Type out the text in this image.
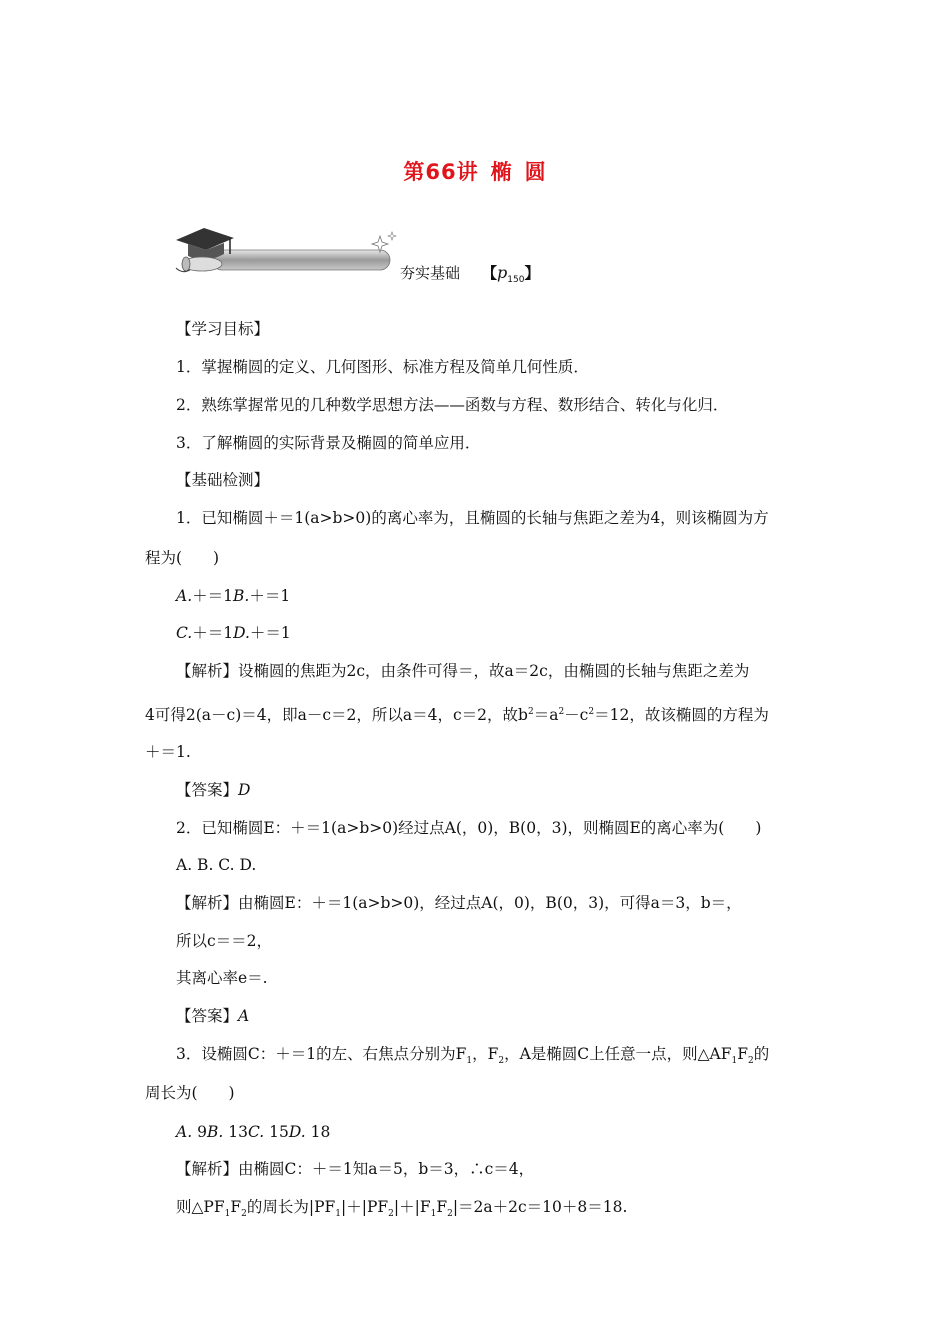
第66讲 椭 圆
夯实基础 【$p_{150}$】
【学习目标】
1．掌握椭圆的定义、几何图形、标准方程及简单几何性质．
2．熟练掌握常见的几种数学思想方法——函数与方程、数形结合、转化与化归．
3．了解椭圆的实际背景及椭圆的简单应用．
【基础检测】
1．已知椭圆＋＝1(a>b>0)的离心率为，且椭圆的长轴与焦距之差为4，则该椭圆为方
程为(　　)
A.＋＝1B.＋＝1
C.＋＝1D.＋＝1
【解析】设椭圆的焦距为2c，由条件可得＝，故a＝2c，由椭圆的长轴与焦距之差为
4可得2(a－c)＝4，即a－c＝2，所以a＝4，c＝2，故$b^2=a^2-c^2=12$，故该椭圆的方程为
＋＝1.
【答案】D
2．已知椭圆E：＋＝1(a>b>0)经过点A(，0)，B(0，3)，则椭圆E的离心率为(　　)
A. B. C. D.
【解析】由椭圆E：＋＝1(a>b>0)，经过点A(，0)，B(0，3)，可得a＝3，b＝，
所以c＝＝2，
其离心率e＝.
【答案】A
3．设椭圆C：＋＝1的左、右焦点分别为$F_1$，$F_2$，A是椭圆C上任意一点，则$\triangle AF_1F_2$的
周长为(　　)
A. 9B. 13C. 15D. 18
【解析】由椭圆C：＋＝1知a＝5，b＝3，∴c＝4，
则$\triangle PF_1F_2$的周长为$|PF_1|+|PF_2|+|F_1F_2|=2a+2c=10+8=18$.
